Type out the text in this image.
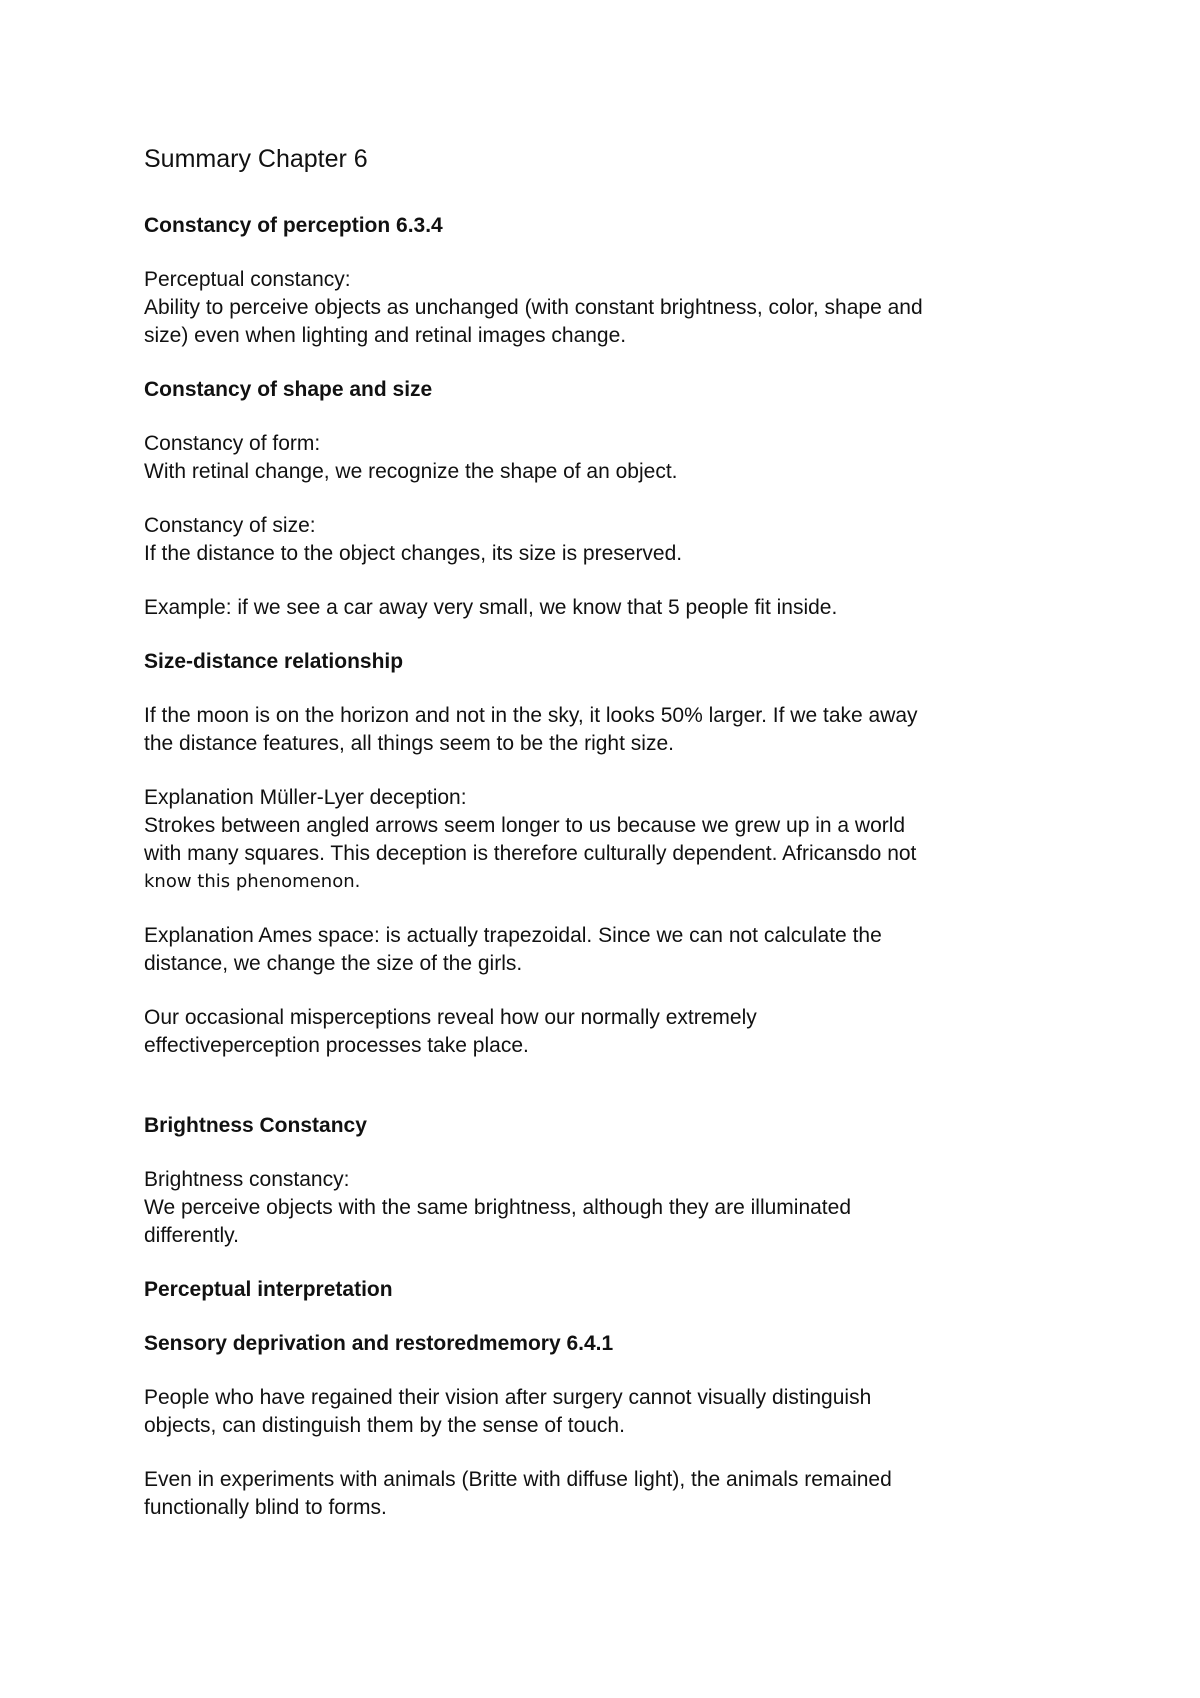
Summary Chapter 6
Constancy of perception 6.3.4
Perceptual constancy:
Ability to perceive objects as unchanged (with constant brightness, color, shape and
size) even when lighting and retinal images change.
Constancy of shape and size
Constancy of form:
With retinal change, we recognize the shape of an object.
Constancy of size:
If the distance to the object changes, its size is preserved.
Example: if we see a car away very small, we know that 5 people fit inside.
Size-distance relationship
If the moon is on the horizon and not in the sky, it looks 50% larger. If we take away
the distance features, all things seem to be the right size.
Explanation Müller-Lyer deception:
Strokes between angled arrows seem longer to us because we grew up in a world
with many squares. This deception is therefore culturally dependent. Africansdo not
know this phenomenon.
Explanation Ames space: is actually trapezoidal. Since we can not calculate the
distance, we change the size of the girls.
Our occasional misperceptions reveal how our normally extremely
effectiveperception processes take place.
Brightness Constancy
Brightness constancy:
We perceive objects with the same brightness, although they are illuminated
differently.
Perceptual interpretation
Sensory deprivation and restoredmemory 6.4.1
People who have regained their vision after surgery cannot visually distinguish
objects, can distinguish them by the sense of touch.
Even in experiments with animals (Britte with diffuse light), the animals remained
functionally blind to forms.
